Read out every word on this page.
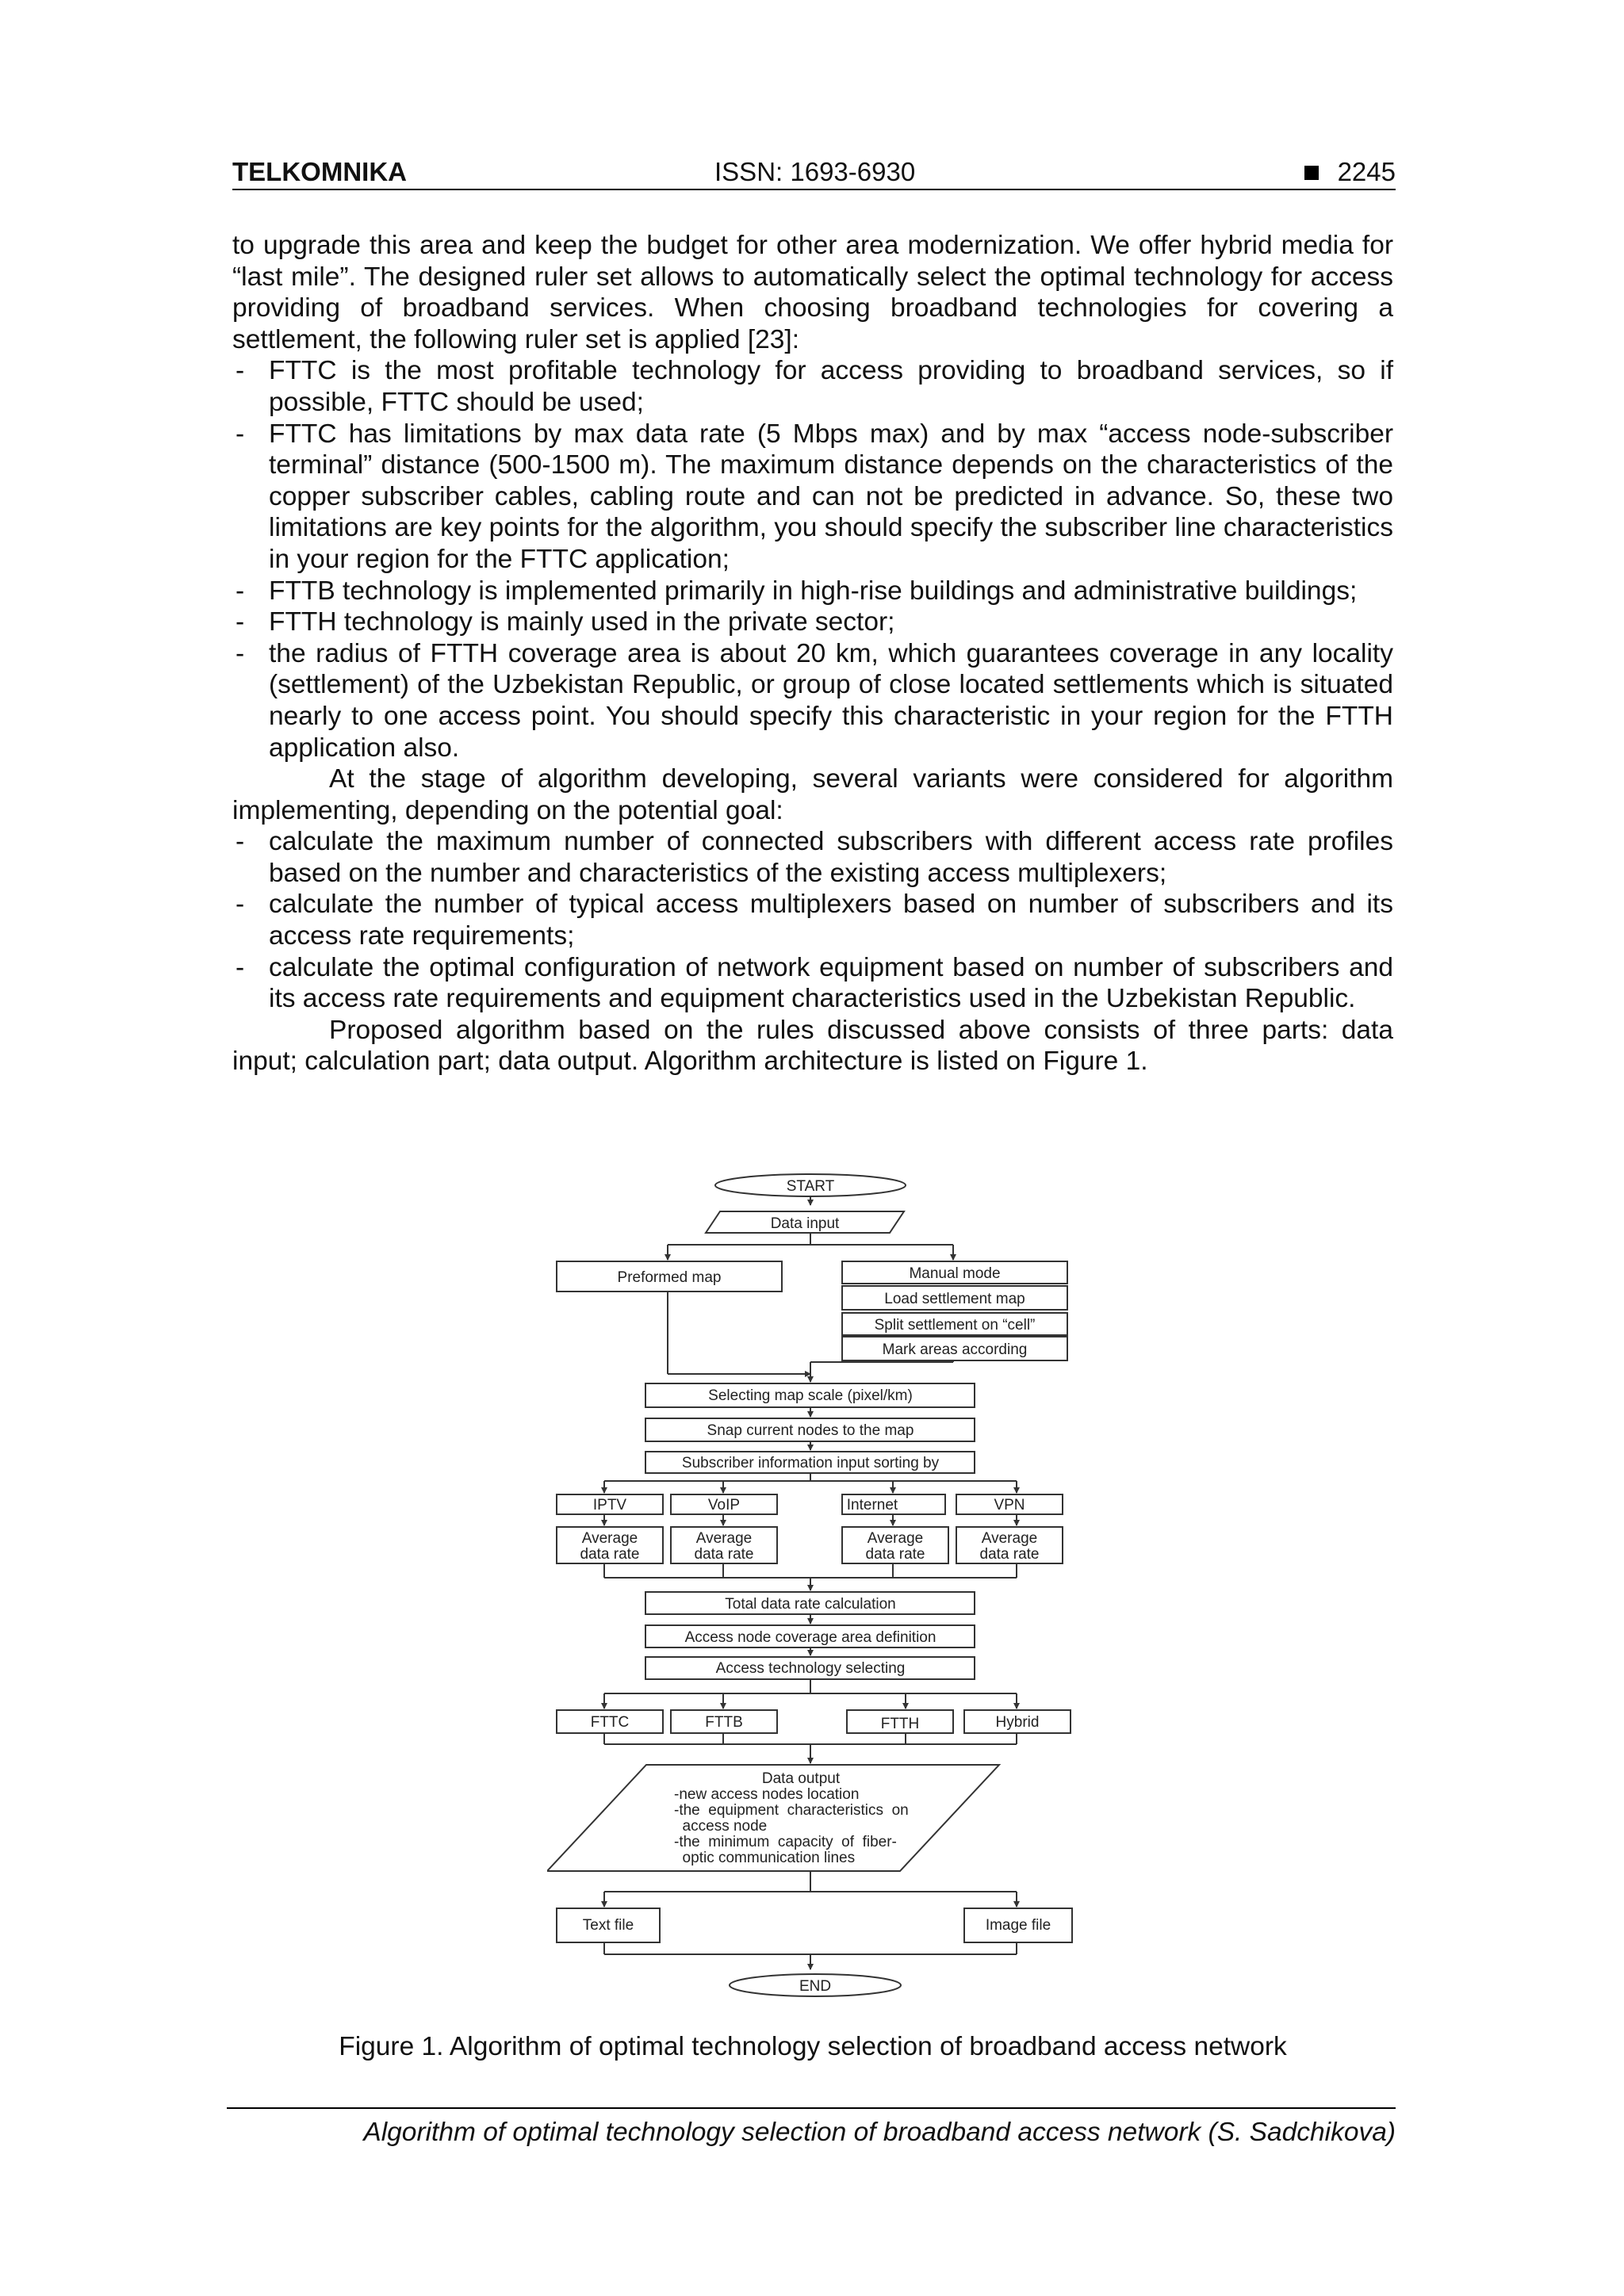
TELKOMNIKA	ISSN: 1693-6930	2245

to upgrade this area and keep the budget for other area modernization. We offer hybrid media for “last mile”. The designed ruler set allows to automatically select the optimal technology for access providing of broadband services. When choosing broadband technologies for covering a settlement, the following ruler set is applied [23]:

- FTTC is the most profitable technology for access providing to broadband services, so if possible, FTTC should be used;
- FTTC has limitations by max data rate (5 Mbps max) and by max “access node-subscriber terminal” distance (500-1500 m). The maximum distance depends on the characteristics of the copper subscriber cables, cabling route and can not be predicted in advance. So, these two limitations are key points for the algorithm, you should specify the subscriber line characteristics in your region for the FTTC application;
- FTTB technology is implemented primarily in high-rise buildings and administrative buildings;
- FTTH technology is mainly used in the private sector;
- the radius of FTTH coverage area is about 20 km, which guarantees coverage in any locality (settlement) of the Uzbekistan Republic, or group of close located settlements which is situated nearly to one access point. You should specify this characteristic in your region for the FTTH application also.

At the stage of algorithm developing, several variants were considered for algorithm implementing, depending on the potential goal:

- calculate the maximum number of connected subscribers with different access rate profiles based on the number and characteristics of the existing access multiplexers;
- calculate the number of typical access multiplexers based on number of subscribers and its access rate requirements;
- calculate the optimal configuration of network equipment based on number of subscribers and its access rate requirements and equipment characteristics used in the Uzbekistan Republic.

Proposed algorithm based on the rules discussed above consists of three parts: data input; calculation part; data output. Algorithm architecture is listed on Figure 1.

START
Data input
Preformed map	Manual mode
Load settlement map
Split settlement on “cell”
Mark areas according
Selecting map scale (pixel/km)
Snap current nodes to the map
Subscriber information input sorting by
IPTV	VoIP	Internet	VPN
Average
data rate
Average
data rate
Average
data rate
Average
data rate
Total data rate calculation
Access node coverage area definition
Access technology selecting
FTTC	FTTB	FTTH	Hybrid
Data output
-new access nodes location
-the  equipment  characteristics  on
access node
-the  minimum  capacity  of  fiber-
optic communication lines
Text file	Image file
END
Figure 1. Algorithm of optimal technology selection of broadband access network
Algorithm of optimal technology selection of broadband access network (S. Sadchikova)
